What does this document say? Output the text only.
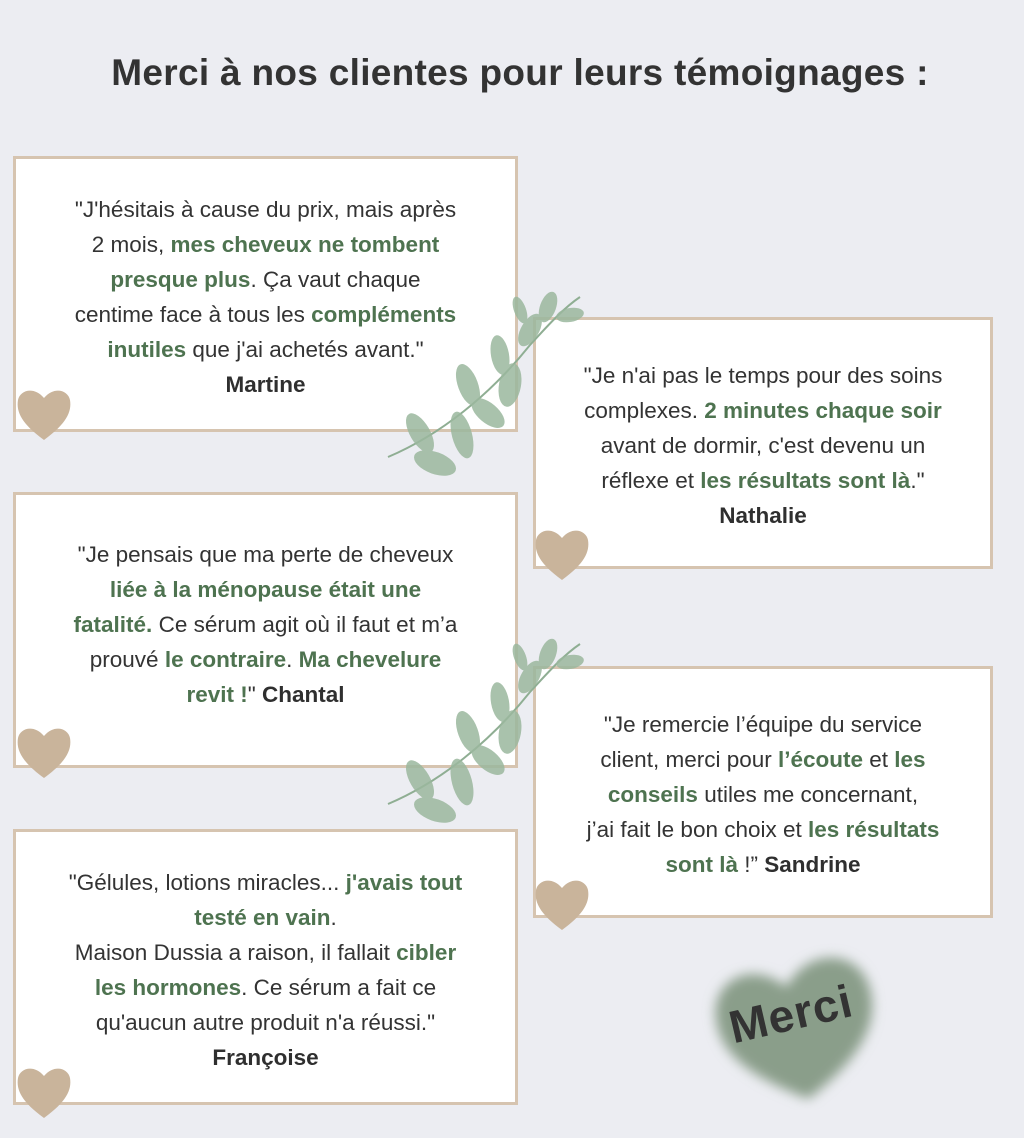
Merci à nos clientes pour leurs témoignages :
"J'hésitais à cause du prix, mais après
2 mois, mes cheveux ne tombent
presque plus. Ça vaut chaque
centime face à tous les compléments
inutiles que j'ai achetés avant."
Martine	"Je n'ai pas le temps pour des soins
complexes. 2 minutes chaque soir
avant de dormir, c'est devenu un
réflexe et les résultats sont là."
Nathalie
"Je pensais que ma perte de cheveux
liée à la ménopause était une
fatalité. Ce sérum agit où il faut et m’a
prouvé le contraire. Ma chevelure
revit !" Chantal
"Je remercie l’équipe du service
client, merci pour l’écoute et les
conseils utiles me concernant,
j’ai fait le bon choix et les résultats
sont là !” Sandrine
"Gélules, lotions miracles... j'avais tout
testé en vain.
Maison Dussia a raison, il fallait cibler
les hormones. Ce sérum a fait ce
qu'aucun autre produit n'a réussi."
Françoise
Merci
